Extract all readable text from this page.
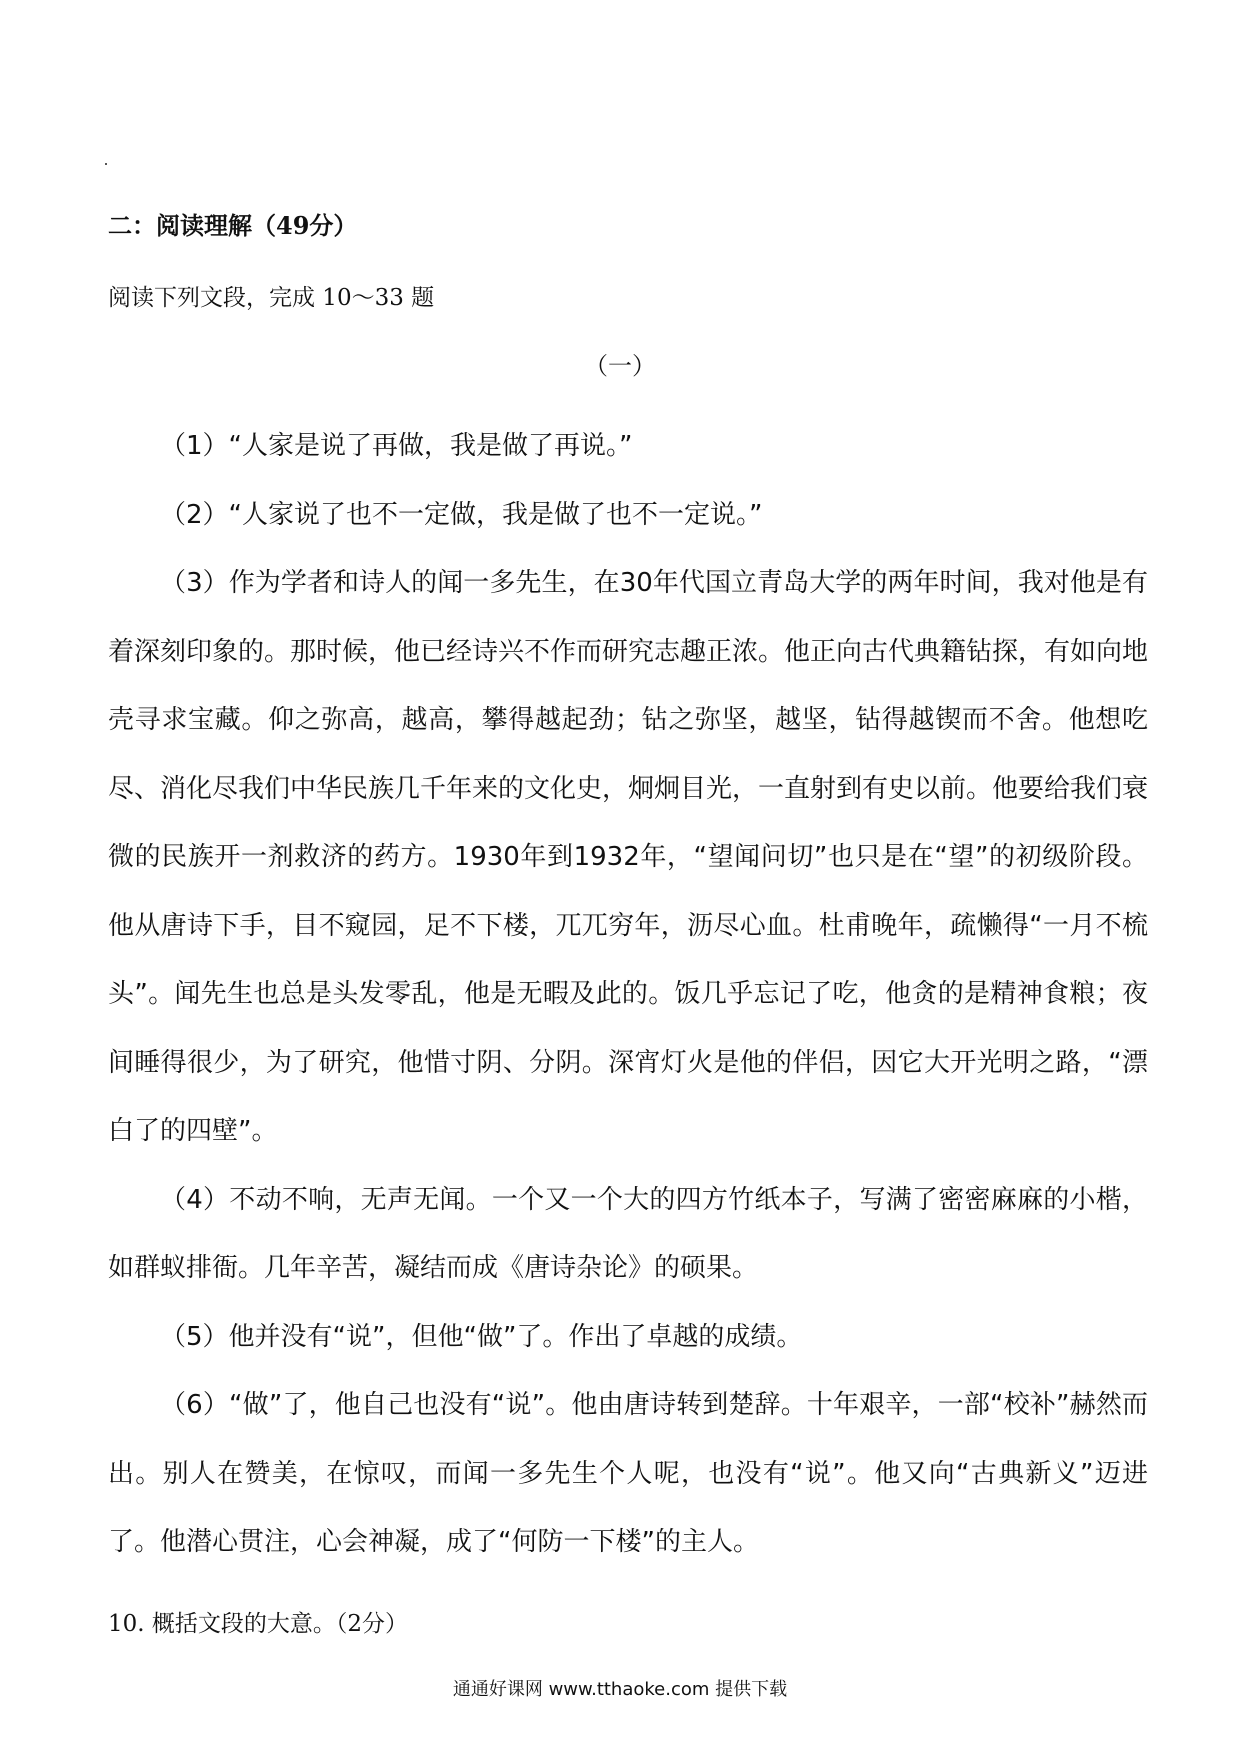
二：阅读理解（49分）
阅读下列文段，完成 10～33 题
（一）

（1）“人家是说了再做，我是做了再说。”

（2）“人家说了也不一定做，我是做了也不一定说。”

（3）作为学者和诗人的闻一多先生，在30年代国立青岛大学的两年时间，我对他是有着深刻印象的。那时候，他已经诗兴不作而研究志趣正浓。他正向古代典籍钻探，有如向地壳寻求宝藏。仰之弥高，越高，攀得越起劲；钻之弥坚，越坚，钻得越锲而不舍。他想吃尽、消化尽我们中华民族几千年来的文化史，炯炯目光，一直射到有史以前。他要给我们衰微的民族开一剂救济的药方。1930年到1932年，“望闻问切”也只是在“望”的初级阶段。他从唐诗下手，目不窥园，足不下楼，兀兀穷年，沥尽心血。杜甫晚年，疏懒得“一月不梳头”。闻先生也总是头发零乱，他是无暇及此的。饭几乎忘记了吃，他贪的是精神食粮；夜间睡得很少，为了研究，他惜寸阴、分阴。深宵灯火是他的伴侣，因它大开光明之路，“漂白了的四壁”。

（4）不动不响，无声无闻。一个又一个大的四方竹纸本子，写满了密密麻麻的小楷，如群蚁排衙。几年辛苦，凝结而成《唐诗杂论》的硕果。

（5）他并没有“说”，但他“做”了。作出了卓越的成绩。

（6）“做”了，他自己也没有“说”。他由唐诗转到楚辞。十年艰辛，一部“校补”赫然而出。别人在赞美，在惊叹，而闻一多先生个人呢，也没有“说”。他又向“古典新义”迈进了。他潜心贯注，心会神凝，成了“何防一下楼”的主人。

10. 概括文段的大意。（2分）
通通好课网 www.tthaoke.com 提供下载
